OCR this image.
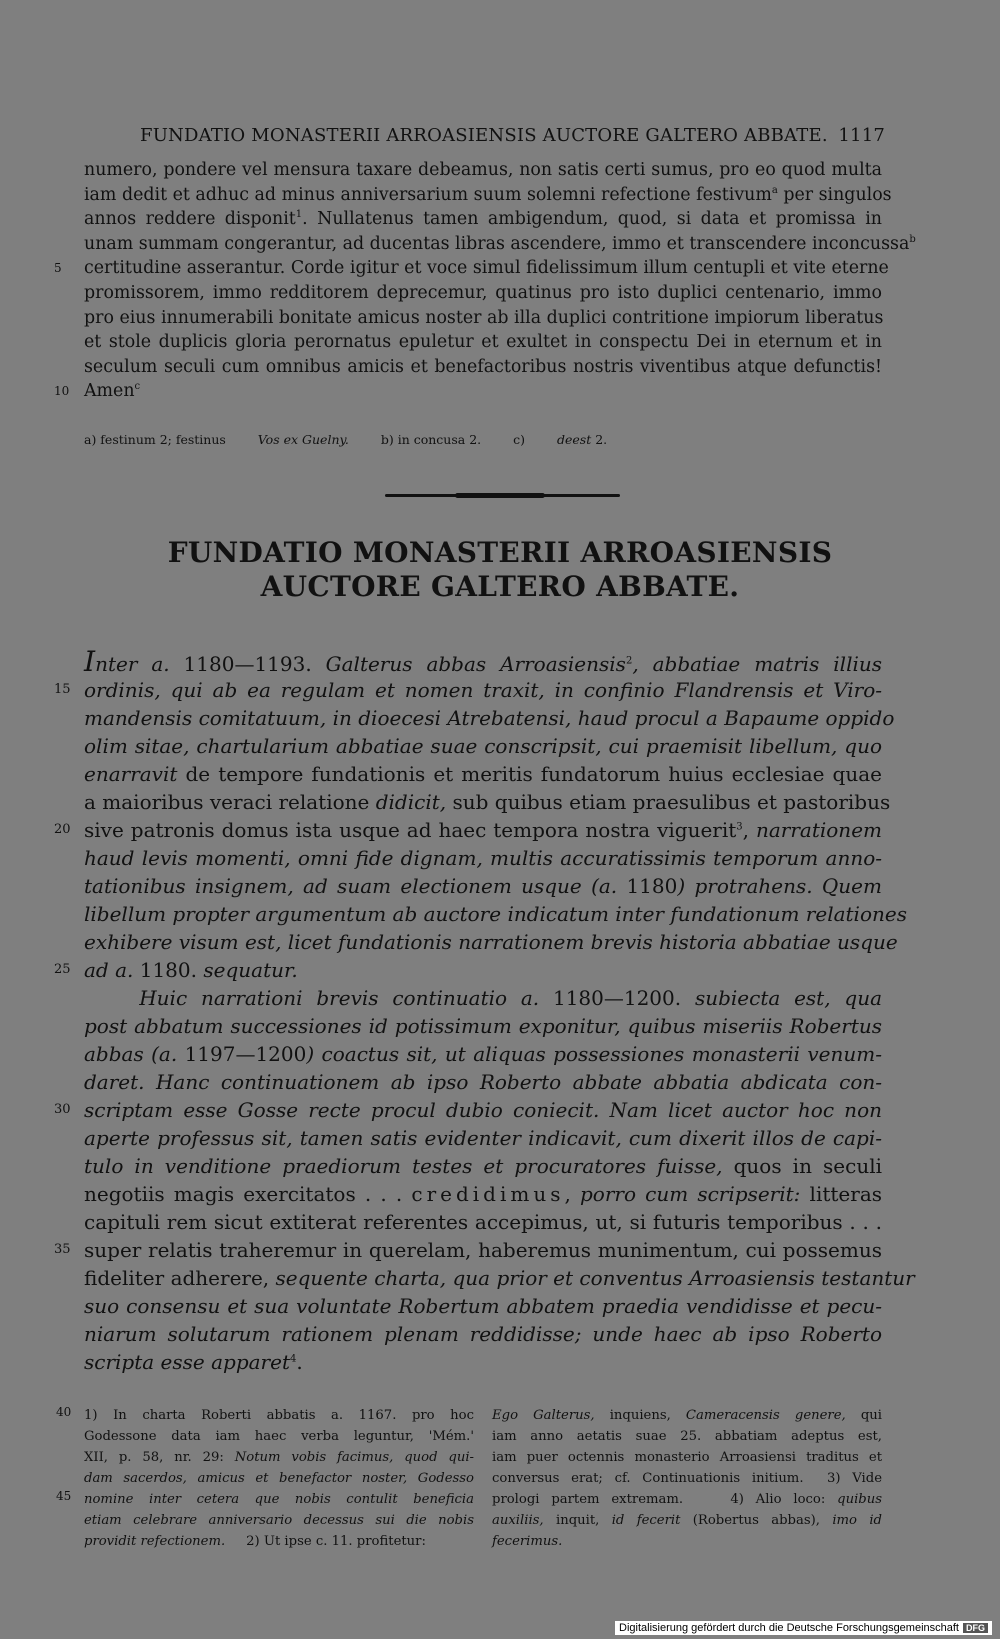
FUNDATIO MONASTERII ARROASIENSIS AUCTORE GALTERO ABBATE. 1117
numero, pondere vel mensura taxare debeamus, non satis certi sumus, pro eo quod multa
iam dedit et adhuc ad minus anniversarium suum solemni refectione festivum$^a$ per singulos
annos reddere disponit$^1$. Nullatenus tamen ambigendum, quod, si data et promissa in
unam summam congerantur, ad ducentas libras ascendere, immo et transcendere inconcussa$^b$
5	certitudine asserantur. Corde igitur et voce simul fidelissimum illum centupli et vite eterne
promissorem, immo redditorem deprecemur, quatinus pro isto duplici centenario, immo
pro eius innumerabili bonitate amicus noster ab illa duplici contritione impiorum liberatus
et stole duplicis gloria perornatus epuletur et exultet in conspectu Dei in eternum et in
seculum seculi cum omnibus amicis et benefactoribus nostris viventibus atque defunctis!
10 Amen$^c$
a) festinum 2; festinus	Vos ex Guelny.	b) in concusa 2.	c) deest 2.
FUNDATIO MONASTERII ARROASIENSIS
AUCTORE GALTERO ABBATE.
Inter a. 1180—1193. Galterus abbas Arroasiensis$^2$, abbatiae matris illius
15 ordinis, qui ab ea regulam et nomen traxit, in confinio Flandrensis et Viro-
mandensis comitatuum, in dioecesi Atrebatensi, haud procul a Bapaume oppido
olim sitae, chartularium abbatiae suae conscripsit, cui praemisit libellum, quo
enarravit de tempore fundationis et meritis fundatorum huius ecclesiae quae
a maioribus veraci relatione didicit, sub quibus etiam praesulibus et pastoribus
20 sive patronis domus ista usque ad haec tempora nostra viguerit$^3$, narrationem
haud levis momenti, omni fide dignam, multis accuratissimis temporum anno-
tationibus insignem, ad suam electionem usque (a. 1180) protrahens. Quem
libellum propter argumentum ab auctore indicatum inter fundationum relationes
exhibere visum est, licet fundationis narrationem brevis historia abbatiae usque
25 ad a. 1180. sequatur.
Huic narrationi brevis continuatio a. 1180—1200. subiecta est, qua
post abbatum successiones id potissimum exponitur, quibus miseriis Robertus
abbas (a. 1197—1200) coactus sit, ut aliquas possessiones monasterii venum-
daret. Hanc continuationem ab ipso Roberto abbate abbatia abdicata con-
30 scriptam esse Gosse recte procul dubio coniecit. Nam licet auctor hoc non
aperte professus sit, tamen satis evidenter indicavit, cum dixerit illos de capi-
tulo in venditione praediorum testes et procuratores fuisse, quos in seculi
negotiis magis exercitatos . . . credidimus, porro cum scripserit: litteras
capituli rem sicut extiterat referentes accepimus, ut, si futuris temporibus . . .
35 super relatis traheremur in querelam, haberemus munimentum, cui possemus
fideliter adherere, sequente charta, qua prior et conventus Arroasiensis testantur
suo consensu et sua voluntate Robertum abbatem praedia vendidisse et pecu-
niarum solutarum rationem plenam reddidisse; unde haec ab ipso Roberto
scripta esse apparet$^4$.
40
45
1) In charta Roberti abbatis a. 1167. pro hoc
Godessone data iam haec verba leguntur, 'Mém.'
XII, p. 58, nr. 29: Notum vobis facimus, quod qui-
dam sacerdos, amicus et benefactor noster, Godesso
nomine inter cetera que nobis contulit beneficia
etiam celebrare anniversario decessus sui die nobis
providit refectionem.     2) Ut ipse c. 11. profitetur:
Ego Galterus, inquiens, Cameracensis genere, qui
iam anno aetatis suae 25. abbatiam adeptus est,
iam puer octennis monasterio Arroasiensi traditus et
conversus erat; cf. Continuationis initium.  3) Vide
prologi partem extremam.    4) Alio loco: quibus
auxiliis, inquit, id fecerit (Robertus abbas), imo id
fecerimus.
Digitalisierung gefördert durch die Deutsche Forschungsgemeinschaft DFG
